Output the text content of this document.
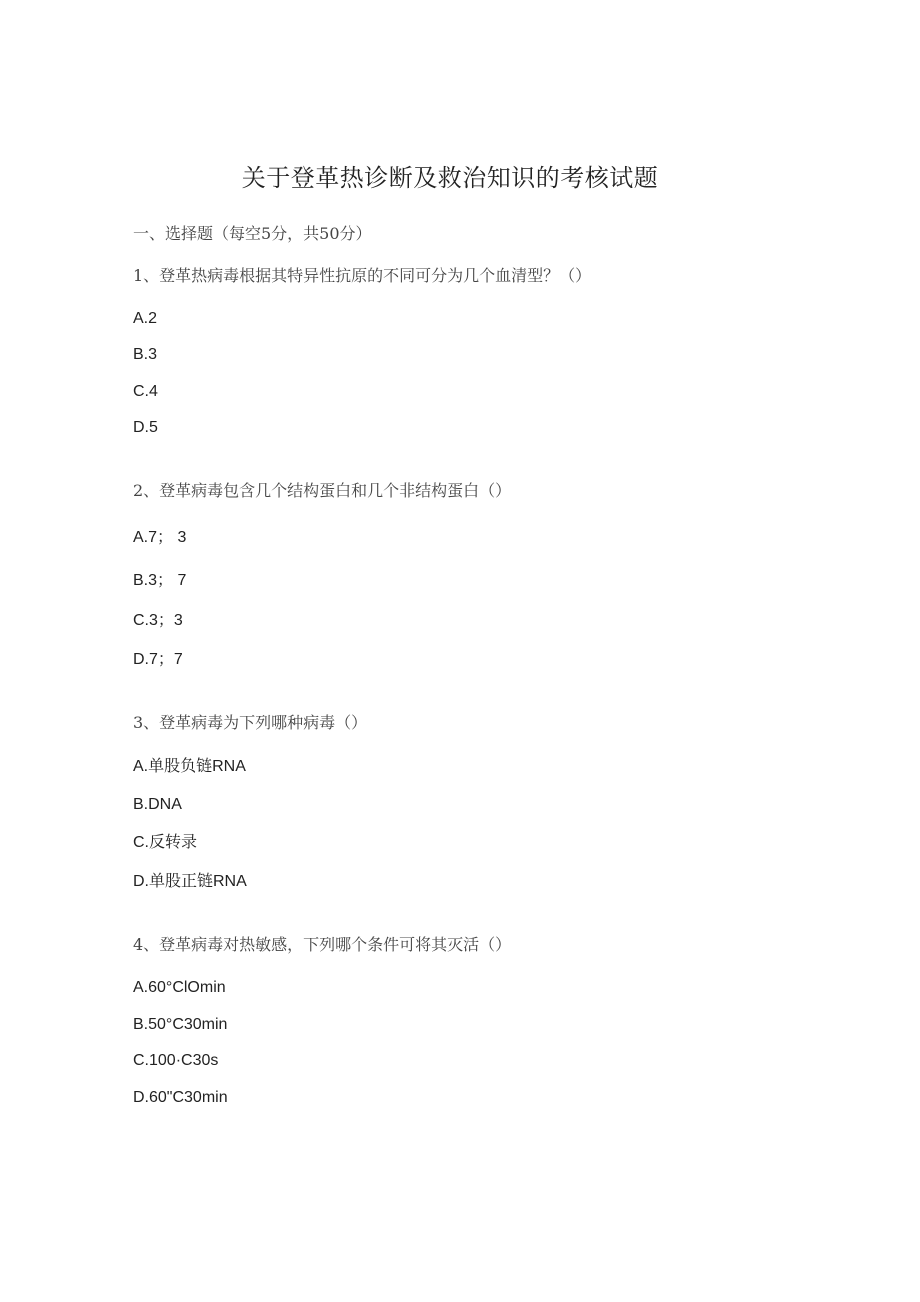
关于登革热诊断及救治知识的考核试题
一、选择题（每空5分，共50分）
1、登革热病毒根据其特异性抗原的不同可分为几个血清型？（）
A.2
B.3
C.4
D.5
2、登革病毒包含几个结构蛋白和几个非结构蛋白（）
A.7； 3
B.3； 7
C.3；3
D.7；7
3、登革病毒为下列哪种病毒（）
A.单股负链RNA
B.DNA
C.反转录
D.单股正链RNA
4、登革病毒对热敏感，下列哪个条件可将其灭活（）
A.60°ClOmin
B.50°C30min
C.100·C30s
D.60"C30min
